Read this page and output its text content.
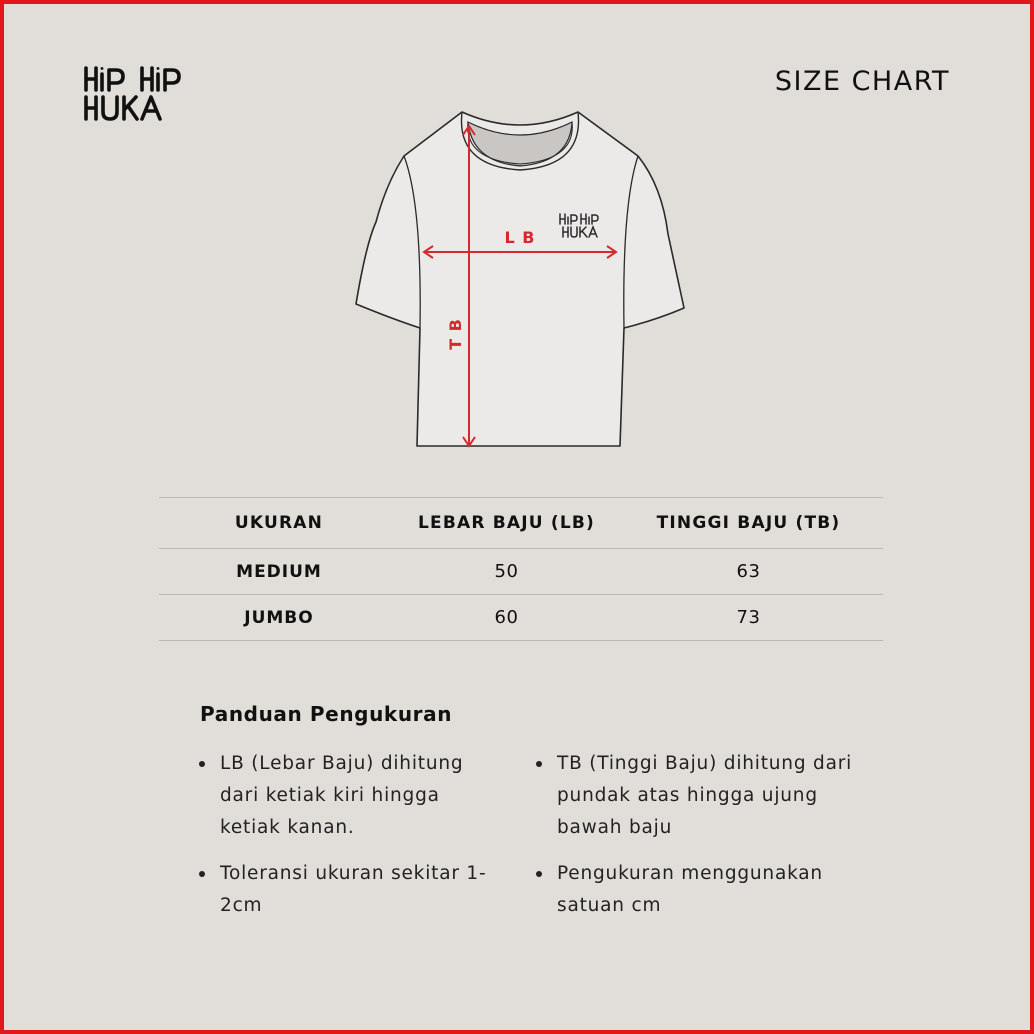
SIZE CHART
L B
T B
UKURAN	LEBAR BAJU (LB)	TINGGI BAJU (TB)
MEDIUM	50	63
JUMBO	60	73
Panduan Pengukuran
LB (Lebar Baju) dihitung dari ketiak kiri hingga ketiak kanan.
Toleransi ukuran sekitar 1-2cm
TB (Tinggi Baju) dihitung dari pundak atas hingga ujung bawah baju
Pengukuran menggunakan satuan cm
